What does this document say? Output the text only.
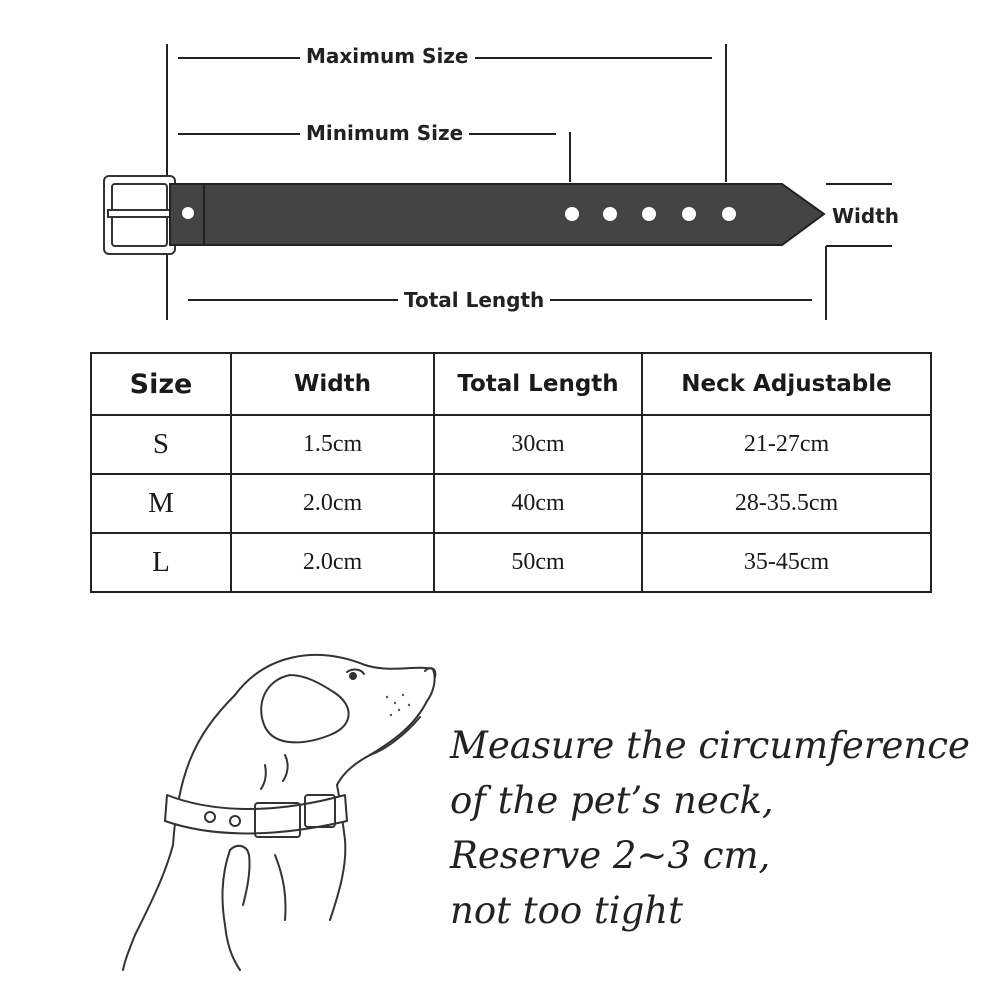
Maximum Size
Minimum Size
Width
Total Length
Size	Width	Total Length	Neck Adjustable
S	1.5cm	30cm	21-27cm
M	2.0cm	40cm	28-35.5cm
L	2.0cm	50cm	35-45cm
Measure the circumference
of the pet’s neck,
Reserve 2~3 cm,
not too tight
